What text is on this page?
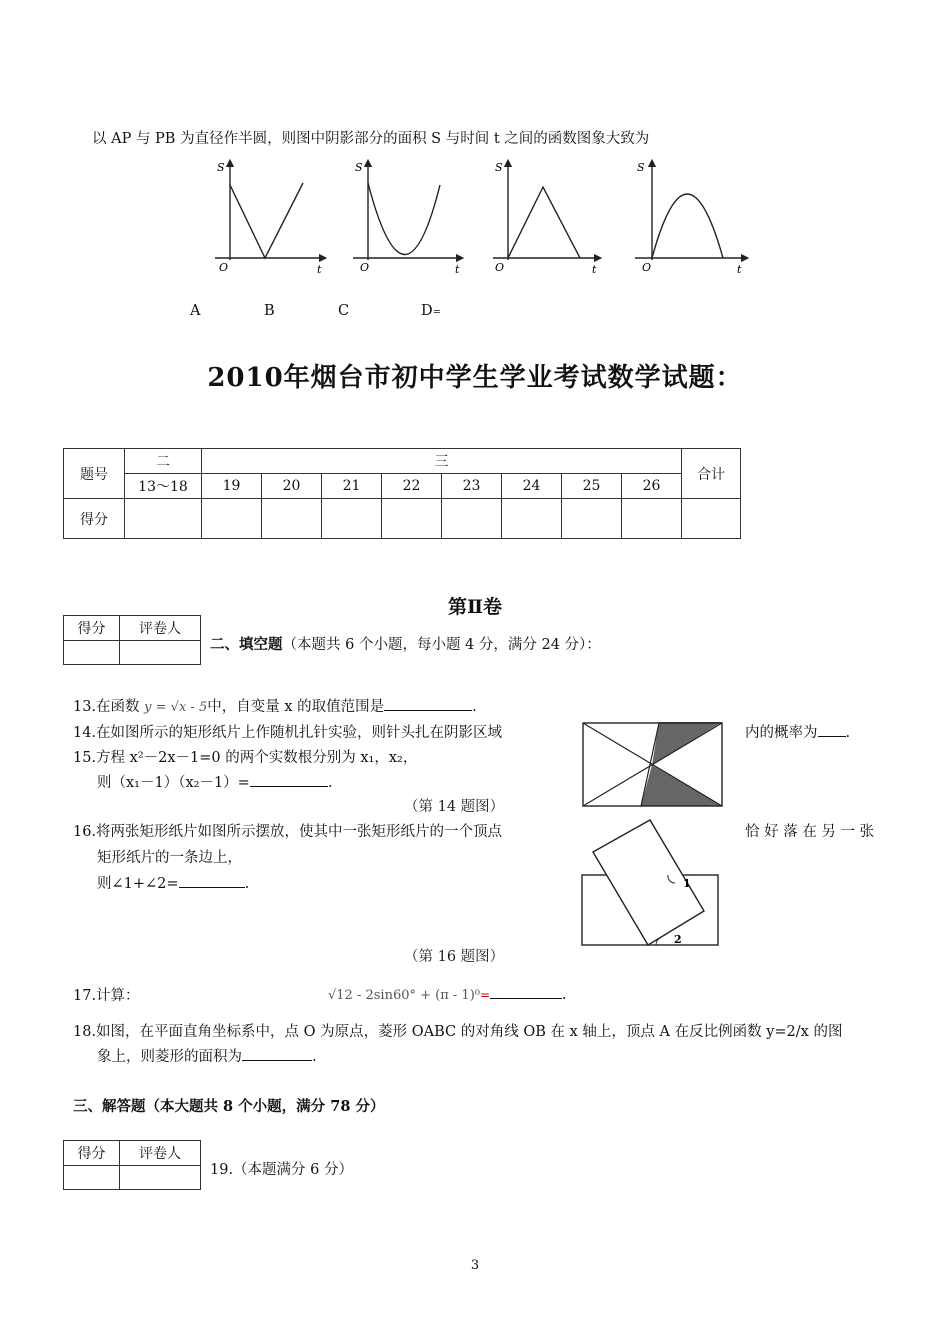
以 AP 与 PB 为直径作半圆，则图中阴影部分的面积 S 与时间 t 之间的函数图象大致为
S
O	t
S
O	t
S
O	t
S
O	t
A	B	C	D=
2010年烟台市初中学生学业考试数学试题：
题号	二	三								合计
	13～18	19	20	21	22	23	24	25	26	
得分										
第Ⅱ卷
得分	评卷人

二、填空题（本题共 6 个小题，每小题 4 分，满分 24 分）：
13.在函数 y = √x - 5中，自变量 x 的取值范围是	.
14.在如图所示的矩形纸片上作随机扎针实验，则针头扎在阴影区域	内的概率为 .
15.方程 x²－2x－1=0 的两个实数根分别为 x₁，x₂，
则（x₁－1）（x₂－1）=	.
（第 14 题图）
16.将两张矩形纸片如图所示摆放，使其中一张矩形纸片的一个顶点	恰 好 落 在 另 一 张
矩形纸片的一条边上，
则∠1+∠2=	.	1
2
（第 16 题图）
17.计算：	√12 - 2sin60° + (π - 1)⁰=	.
18.如图，在平面直角坐标系中，点 O 为原点，菱形 OABC 的对角线 OB 在 x 轴上，顶点 A 在反比例函数 y=2/x 的图
象上，则菱形的面积为	.
三、解答题（本大题共 8 个小题，满分 78 分）
得分	评卷人

19.（本题满分 6 分）
3
